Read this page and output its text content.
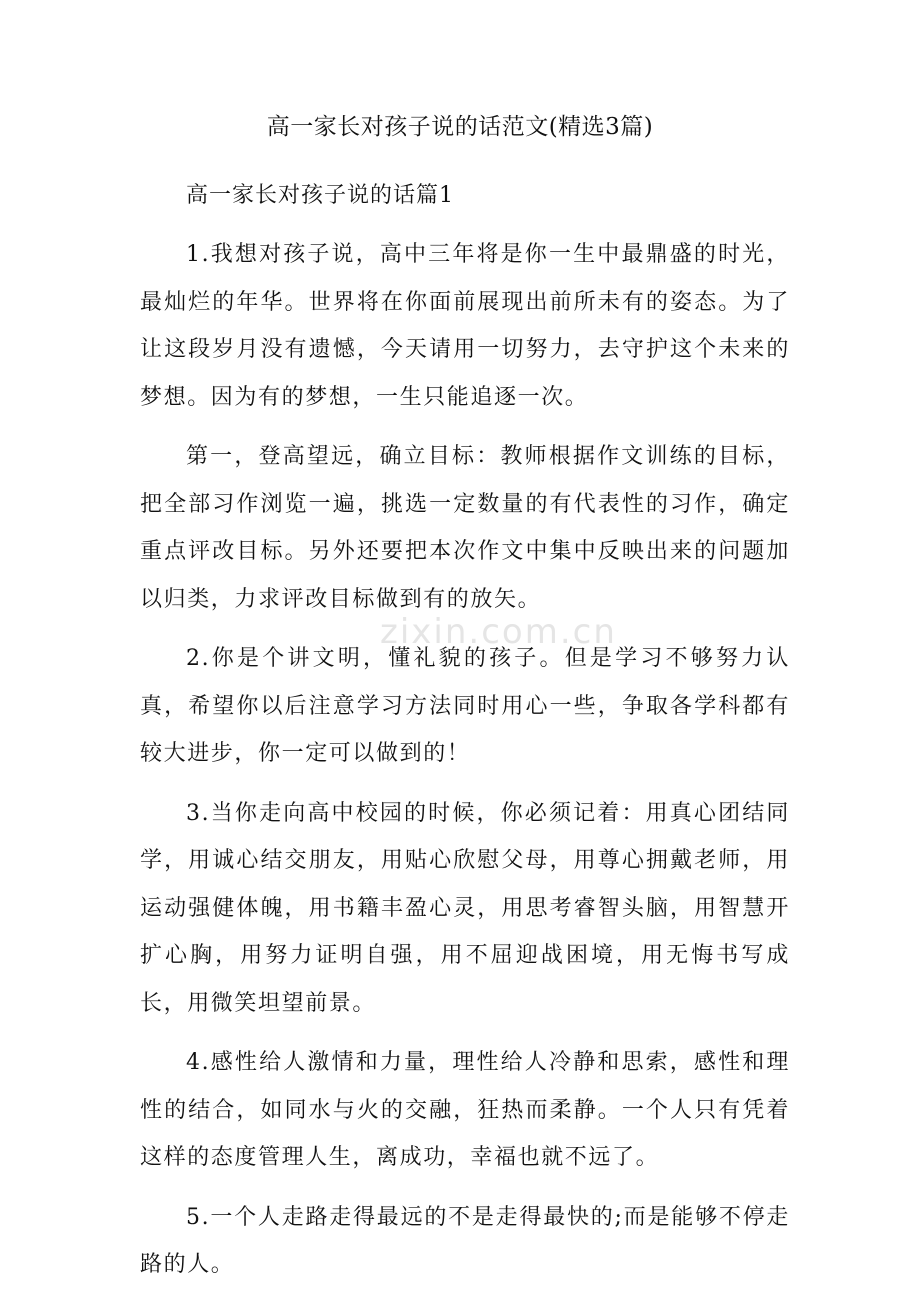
高一家长对孩子说的话范文(精选3篇)
zixin.com.cn
高一家长对孩子说的话篇1

1.我想对孩子说，高中三年将是你一生中最鼎盛的时光，最灿烂的年华。世界将在你面前展现出前所未有的姿态。为了让这段岁月没有遗憾，今天请用一切努力，去守护这个未来的梦想。因为有的梦想，一生只能追逐一次。

第一，登高望远，确立目标：教师根据作文训练的目标，把全部习作浏览一遍，挑选一定数量的有代表性的习作，确定重点评改目标。另外还要把本次作文中集中反映出来的问题加以归类，力求评改目标做到有的放矢。

2.你是个讲文明，懂礼貌的孩子。但是学习不够努力认真，希望你以后注意学习方法同时用心一些，争取各学科都有较大进步，你一定可以做到的！

3.当你走向高中校园的时候，你必须记着：用真心团结同学，用诚心结交朋友，用贴心欣慰父母，用尊心拥戴老师，用运动强健体魄，用书籍丰盈心灵，用思考睿智头脑，用智慧开扩心胸，用努力证明自强，用不屈迎战困境，用无悔书写成长，用微笑坦望前景。

4.感性给人激情和力量，理性给人冷静和思索，感性和理性的结合，如同水与火的交融，狂热而柔静。一个人只有凭着这样的态度管理人生，离成功，幸福也就不远了。

5.一个人走路走得最远的不是走得最快的;而是能够不停走路的人。
